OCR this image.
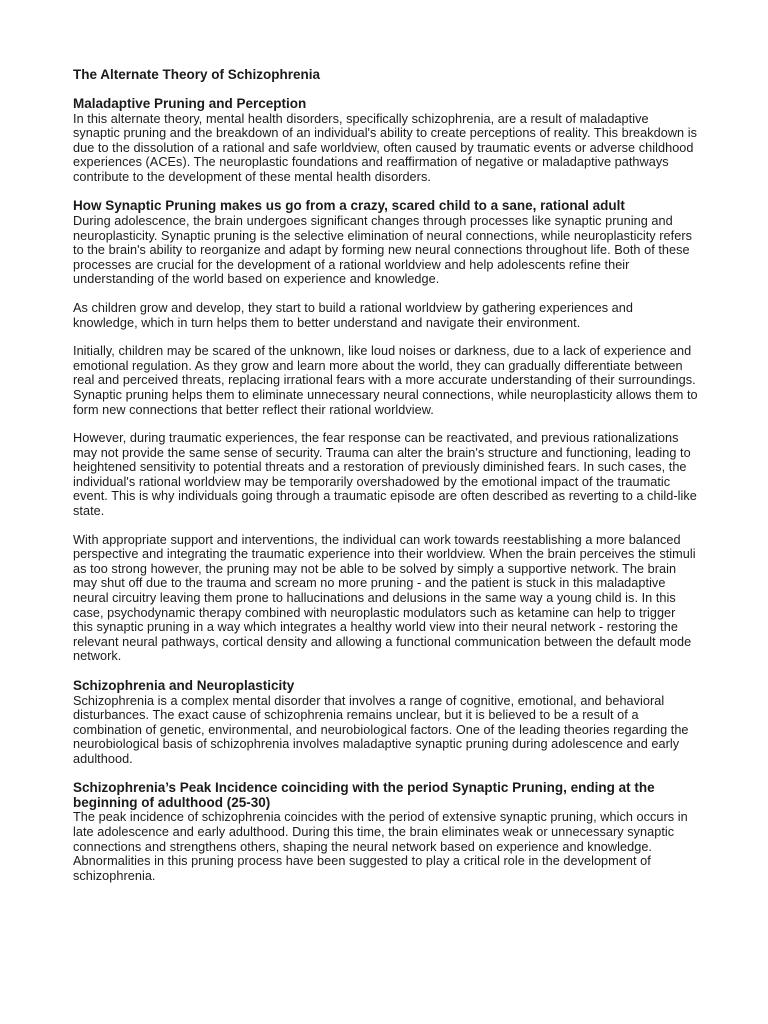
The Alternate Theory of Schizophrenia
Maladaptive Pruning and Perception

In this alternate theory, mental health disorders, specifically schizophrenia, are a result of maladaptive synaptic pruning and the breakdown of an individual's ability to create perceptions of reality. This breakdown is due to the dissolution of a rational and safe worldview, often caused by traumatic events or adverse childhood experiences (ACEs). The neuroplastic foundations and reaffirmation of negative or maladaptive pathways contribute to the development of these mental health disorders.

How Synaptic Pruning makes us go from a crazy, scared child to a sane, rational adult

During adolescence, the brain undergoes significant changes through processes like synaptic pruning and neuroplasticity. Synaptic pruning is the selective elimination of neural connections, while neuroplasticity refers to the brain's ability to reorganize and adapt by forming new neural connections throughout life. Both of these processes are crucial for the development of a rational worldview and help adolescents refine their understanding of the world based on experience and knowledge.

As children grow and develop, they start to build a rational worldview by gathering experiences and knowledge, which in turn helps them to better understand and navigate their environment.

Initially, children may be scared of the unknown, like loud noises or darkness, due to a lack of experience and emotional regulation. As they grow and learn more about the world, they can gradually differentiate between real and perceived threats, replacing irrational fears with a more accurate understanding of their surroundings. Synaptic pruning helps them to eliminate unnecessary neural connections, while neuroplasticity allows them to form new connections that better reflect their rational worldview.

However, during traumatic experiences, the fear response can be reactivated, and previous rationalizations may not provide the same sense of security. Trauma can alter the brain's structure and functioning, leading to heightened sensitivity to potential threats and a restoration of previously diminished fears. In such cases, the individual's rational worldview may be temporarily overshadowed by the emotional impact of the traumatic event. This is why individuals going through a traumatic episode are often described as reverting to a child-like state.

With appropriate support and interventions, the individual can work towards reestablishing a more balanced perspective and integrating the traumatic experience into their worldview. When the brain perceives the stimuli as too strong however, the pruning may not be able to be solved by simply a supportive network. The brain may shut off due to the trauma and scream no more pruning - and the patient is stuck in this maladaptive neural circuitry leaving them prone to hallucinations and delusions in the same way a young child is. In this case, psychodynamic therapy combined with neuroplastic modulators such as ketamine can help to trigger this synaptic pruning in a way which integrates a healthy world view into their neural network - restoring the relevant neural pathways, cortical density and allowing a functional communication between the default mode network.

Schizophrenia and Neuroplasticity

Schizophrenia is a complex mental disorder that involves a range of cognitive, emotional, and behavioral disturbances. The exact cause of schizophrenia remains unclear, but it is believed to be a result of a combination of genetic, environmental, and neurobiological factors. One of the leading theories regarding the neurobiological basis of schizophrenia involves maladaptive synaptic pruning during adolescence and early adulthood.

Schizophrenia’s Peak Incidence coinciding with the period Synaptic Pruning, ending at the beginning of adulthood (25-30)

The peak incidence of schizophrenia coincides with the period of extensive synaptic pruning, which occurs in late adolescence and early adulthood. During this time, the brain eliminates weak or unnecessary synaptic connections and strengthens others, shaping the neural network based on experience and knowledge. Abnormalities in this pruning process have been suggested to play a critical role in the development of schizophrenia.
